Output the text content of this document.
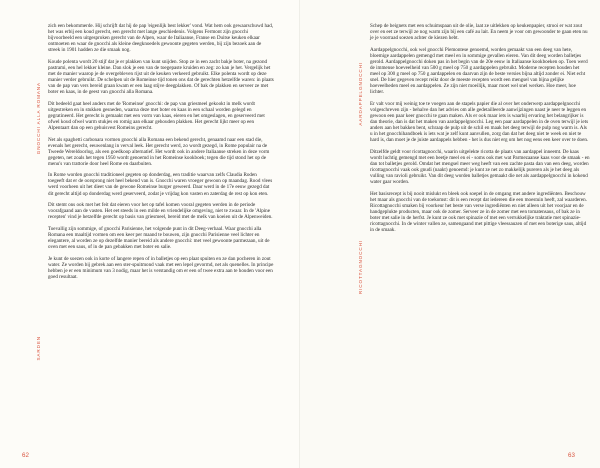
zich een bekommerde. Hij schrijft dat hij de pap 'eigenlijk best lekker' vond. Wat hem ook gewaarschuwd had, het was erbij een koud gerecht, een gerecht met lange geschiedenis. Volgens Fermont zijn gnocchi bijvoorbeeld een uitgesproken gerecht van de Alpen, waar de Italiaanse, Franse en Duitse keuken elkaar ontmoeten en waar de gnocchi als kleine deegknoedels gewoonte gegeten werden, bij zijn bezoek aan de streek in 1901 hadden ze die smaak nog.

Koude polenta wordt 20 stijf dat je er plakken van kunt snijden. Stop ze in een zacht bakje boter, na gezond pastrami, een hel lekker kleine. Dan slok je een van de toegepaste kruiden en zeg: zo kan je het. Vergelijk het met de manier waarop je de overgebleven rijst uit de keuken verkeerd gebruikt. Elke polenta wordt op deze manier verder gebruikt. De schelpen uit de Romeinse tijd tonen ons dat de gerechten hetzelfde waren: in plaats van de pap van vers bereid graan kwam er een laag stijve deegplakken. Of bak de plakken en serveer ze met boter en kaas, in de geest van gnocchi alla Romana.

Dit bedeeld gaat heel anders met de 'Romeinse' gnocchi: de pap van griesmeel gekookt in melk wordt uitgestreken en in stukken gesneden, waarna deze met boter en kaas in een schaal worden gelegd en gegratineerd. Het gerecht is gemaakt met een vorm van kaas, eieren en het omgeslagen, en geserveerd met ofwel koud ofwel warm stukjes en romig aan elkaar gehouden plakken. Het gerecht lijkt meer op een Alpentaart dan op een gehuisvest Romeins gerecht.

Net als spaghetti carbonara vormen gnocchi alla Romana een bekend gerecht, genaamd naar een stad die, evenals het gerecht, eeuwenlang in verval leek. Het gerecht werd, zo wordt gezegd, in Rome populair na de Tweede Wereldoorlog, als een goedkoop alternatief. Het wordt ook in andere Italiaanse streken in deze vorm gegeten, net zoals het tegen 1950 wordt genoemd in het Romeinse kookboek; tegen die tijd stond het op de menu's van trattorie door heel Rome en daarbuiten.

In Rome worden gnocchi traditioneel gegeten op donderdag, een traditie waarvan zelfs Claudia Roden toegeeft dat er de oorsprong niet heel bekend van is. Gnocchi waren vroeger gewoon op maandag. Rood vlees werd voorheen uit het dieet van de gewone Romeinse burger geweerd. Daar werd in de 17e eeuw gezegd dat dit gerecht altijd op donderdag werd geserveerd, zodat je vrijdag kon vasten en zaterdag de rest op kon eten.

Dit stemt ons ook met het feit dat eieren voor het op tafel komen vooral gegeten werden in de periode voorafgaand aan de vasten. Het eet steeds in een milde en vriendelijke omgeving, niet te zwaar. In de 'Alpine recepten' vind je hetzelfde gerecht op basis van griesmeel, bereid met de melk van koeien uit de Alpenweiden.

Toevallig zijn sommige, of gnocchi Parisienne, het volgende punt in dit Deeg-verhaal. Waar gnocchi alla Romana een maaltijd vormen om een keer per maand te bouwen, zijn gnocchi Parisienne veel lichter en elegantere, al worden ze op dezelfde manier bereid als andere gnocchi: met veel gewoonte parmezaan, uit de oven met een saus, of in de pan gebakken met boter en salie.

Je kunt de soezen ook in korte of langere repen of in balletjes op een plaat spuiten en ze dan pocheren in zout water. Ze worden bij gebrek aan een ster-spuitmond vaak met een lepel gevormd, net als quenelles. In principe hebben je er een minimum van 3 nodig, maar het is verstandig om er een of twee extra aan te houden voor een goed resultaat.

GNOCCHI ALLA ROMANA
SARDEN
62

Schep de beignets met een schuimspaan uit de olie, laat ze uitlekken op keukenpapier, strooi er wat zout over en eet ze terwijl ze nog warm zijn bij een café au lait. En neem je voor om gewoonder te gaan eten nu je je voorraad soezen achter de kiezen hebt.

Aardappelgnocchi, ook wel gnocchi Piemontese genoemd, worden gemaakt van een deeg van hete, bloemige aardappelen gemengd met meel en in sommige gevallen eieren. Van dit deeg worden balletjes gerold. Aardappelgnocchi doken pas in het begin van de 20e eeuw in Italiaanse kookboeken op. Toen werd de immense hoeveelheid van 500 g meel op 750 g aardappelen gebruikt. Moderne recepten houden het meel op 300 g meel op 750 g aardappelen en daarvan zijn de beste versies bijna altijd zonder ei. Niet echt snel. De hier gegeven recept reikt door de meeste recepten wordt een mengsel van bijna gelijke hoeveelheden meel en aardappelen. Ze zijn niet moeilijk, maar moet wel snel werken. Hoe meer, hoe lichter.

Er valt voor mij weinig toe te voegen aan de stapels papier die al over het onderwerp aardappelgnocchi volgeschreven zijn - behalve dan het advies om alle gedetailleerde aanwijzingen naast je neer te leggen en gewoon een paar keer gnocchi te gaan maken. Als er ook maar iets is waarbij ervaring het belangrijker is dan theorie, dan is dat het maken van aardappelgnocchi. Leg een paar aardappelen in de oven terwijl je iets anders aan het bakken bent, schraap de pulp uit de schil en maak het deeg terwijl de pulp nog warm is. Als u in het gnocchihandboek is iets wat je zelf kunt aanvullen, zorg dan dat het deeg niet te week en niet te hard is, dan moet je de juiste aardappels hebben - het is dus niet erg om het nog eens een keer over te doen.

Ditzelfde geldt voor ricottagnocchi, waarin uitgelekte ricotta de plaats van aardappel inneemt. De kaas wordt luchtig gemengd met een beetje meel en ei - soms ook met wat Parmezaanse kaas voor de smaak - en dan tot balletjes gerold. Omdat het mengsel meer weg heeft van een zachte pasta dan van een deeg, worden ricottagnocchi vaak ook gnudi (naakt) genoemd: je kunt ze net zo makkelijk pureren als je het deeg als vulling van ravioli gebruikt. Van dit deeg worden balletjes gemaakt die net als aardappelgnocchi in kokend water gaar worden.

Het basisrecept is bij nooit mislukt en bleek ook soepel in de omgang met andere ingrediënten. Beschouw het maar als gnocchi van de toekomst: dit is een recept dat iedereen die een moestuin heeft, zal waarderen. Ricottagnocchi smaken bij voorkeur het beste van verse ingrediënten en niet alleen uit het voorjaar en de handgeplukte producten, maar ook de zomer. Serveer ze in de zomer met een tomatensaus, of bak ze in boter met salie in de herfst. Je kunt ze ook met spinazie of met een verrukkelijke traktatie met spinazie-ricottagnocchi. In de winter vallen ze, samengaand met pittige vleessauzen of met een boterige saus, altijd in de smaak.

AARDAPPELGNOCCHI
RICOTTAGNOCCHI
63
